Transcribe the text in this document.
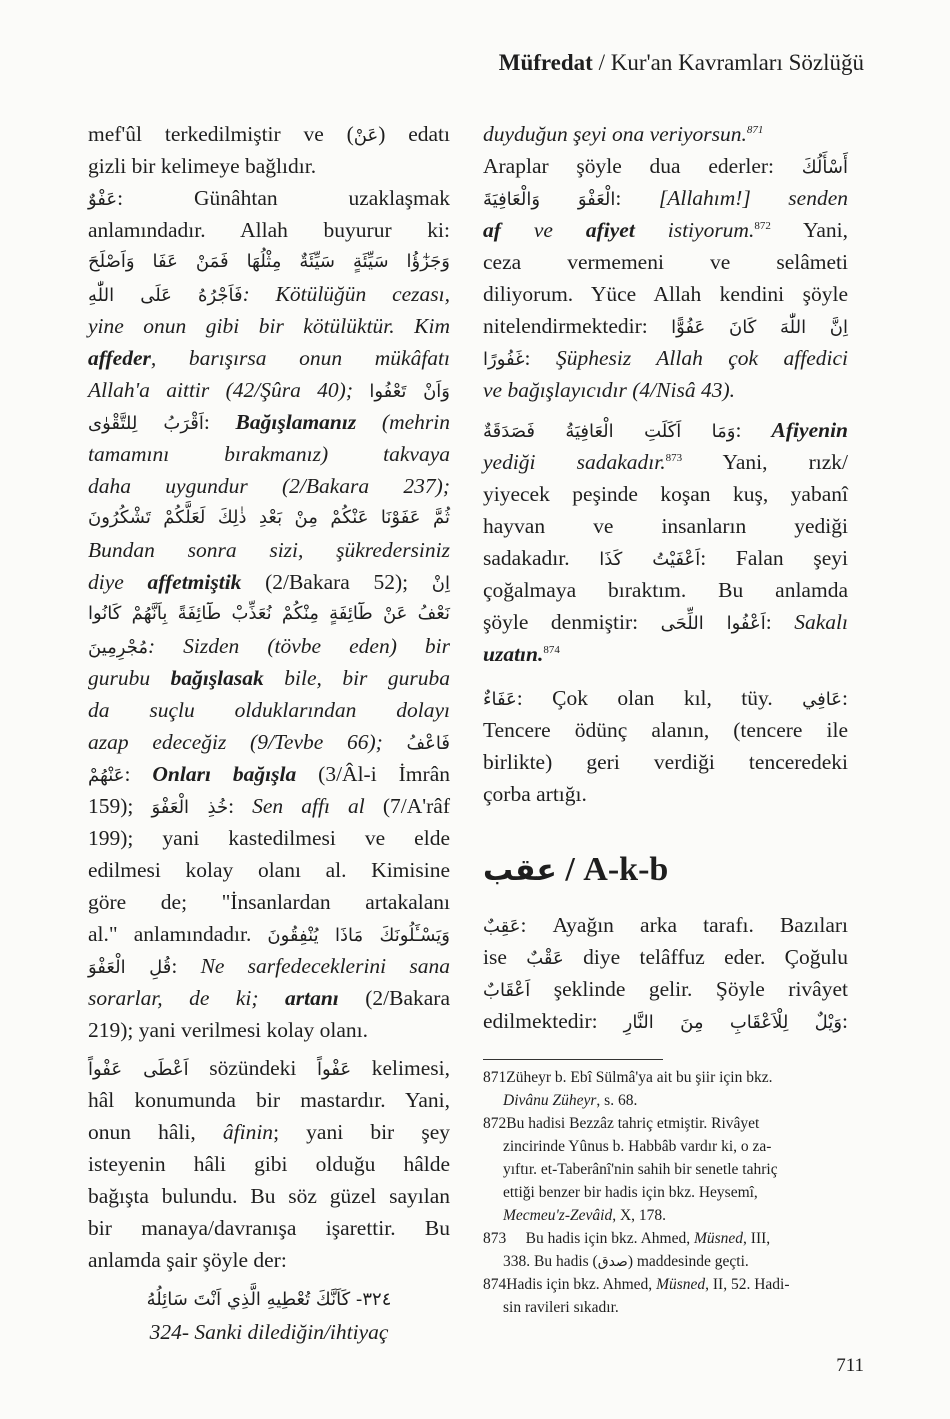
Müfredat / Kur'an Kavramları Sözlüğü
mef'ûl terkedilmiştir ve (عَنْ) edatı
gizli bir kelimeye bağlıdır.
عَفْوٌ: Günâhtan uzaklaşmak
anlamındadır. Allah buyurur ki:
وَجَزٰٓؤُا سَيِّئَةٍ سَيِّئَةٌ مِثْلُهَا فَمَنْ عَفَا وَاَصْلَحَ
فَاَجْرُهُ عَلَى اللّٰهِ: Kötülüğün cezası,
yine onun gibi bir kötülüktür. Kim
affeder, barışırsa onun mükâfatı
Allah'a aittir (42/Şûra 40); وَاَنْ تَعْفُوا
اَقْرَبُ لِلتَّقْوٰى: Bağışlamanız (mehrin
tamamını bırakmanız) takvaya
daha uygundur (2/Bakara 237);
ثُمَّ عَفَوْنَا عَنْكُمْ مِنْ بَعْدِ ذٰلِكَ لَعَلَّكُمْ تَشْكُرُونَ
Bundan sonra sizi, şükredersiniz
diye affetmiştik (2/Bakara 52); اِنْ
نَعْفُ عَنْ طَٓائِفَةٍ مِنْكُمْ نُعَذِّبْ طَٓائِفَةً بِاَنَّهُمْ كَانُوا
مُجْرِمِينَ: Sizden (tövbe eden) bir
gurubu bağışlasak bile, bir guruba
da suçlu olduklarından dolayı
azap edeceğiz (9/Tevbe 66); فَاعْفُ
عَنْهُمْ: Onları bağışla (3/Âl-i İmrân
159); خُذِ الْعَفْوَ: Sen affı al (7/A'râf
199); yani kastedilmesi ve elde
edilmesi kolay olanı al. Kimisine
göre de; "İnsanlardan artakalanı
al." anlamındadır. وَيَسْـَٔلُونَكَ مَاذَا يُنْفِقُونَ
قُلِ الْعَفْوَ: Ne sarfedeceklerini sana
sorarlar, de ki; artanı (2/Bakara
219); yani verilmesi kolay olanı.
اَعْطَى عَفْواً sözündeki عَفْواً kelimesi,
hâl konumunda bir mastardır. Yani,
onun hâli, âfinin; yani bir şey
isteyenin hâli gibi olduğu hâlde
bağışta bulundu. Bu söz güzel sayılan
bir manaya/davranışa işarettir. Bu
anlamda şair şöyle der:
٣٢٤- كَاَنَّكَ تُعْطِيهِ الَّذِي اَنْتَ سَائِلُهُ
324- Sanki dilediğin/ihtiyaç
duyduğun şeyi ona veriyorsun.$^{871}$
Araplar şöyle dua ederler: أَسْأَلُكَ
الْعَفْوَ وَالْعَافِيَةَ: [Allahım!] senden
af ve afiyet istiyorum.$^{872}$ Yani,
ceza vermemeni ve selâmeti
diliyorum. Yüce Allah kendini şöyle
nitelendirmektedir: اِنَّ اللّٰهَ كَانَ عَفُوًّا
غَفُورًا: Şüphesiz Allah çok affedici
ve bağışlayıcıdır (4/Nisâ 43).
وَمَا اَكَلَتِ الْعَافِيَةُ فَصَدَقَةٌ: Afiyenin
yediği sadakadır.$^{873}$ Yani, rızk/
yiyecek peşinde koşan kuş, yabanî
hayvan ve insanların yediği
sadakadır. اَعْفَيْتُ كَذَا: Falan şeyi
çoğalmaya bıraktım. Bu anlamda
şöyle denmiştir: اَعْفُوا اللِّحَى: Sakalı
uzatın.$^{874}$
عَفَاءٌ: Çok olan kıl, tüy. عَافِي:
Tencere ödünç alanın, (tencere ile
birlikte) geri verdiği tenceredeki
çorba artığı.
عقب / A-k-b
عَقِبٌ: Ayağın arka tarafı. Bazıları
ise عَقْبٌ diye telâffuz eder. Çoğulu
اَعْقَابٌ şeklinde gelir. Şöyle rivâyet
edilmektedir: وَيْلٌ لِلْاَعْقَابِ مِنَ النَّارِ:
871Züheyr b. Ebî Sülmâ'ya ait bu şiir için bkz.
Divânu Züheyr, s. 68.
872Bu hadisi Bezzâz tahriç etmiştir. Rivâyet
zincirinde Yûnus b. Habbâb vardır ki, o za-
yıftır. et-Taberânî'nin sahih bir senetle tahriç
ettiği benzer bir hadis için bkz. Heysemî,
Mecmeu'z-Zevâid, X, 178.
873 Bu hadis için bkz. Ahmed, Müsned, III,
338. Bu hadis (صدق) maddesinde geçti.
874Hadis için bkz. Ahmed, Müsned, II, 52. Hadi-
sin ravileri sıkadır.
711
